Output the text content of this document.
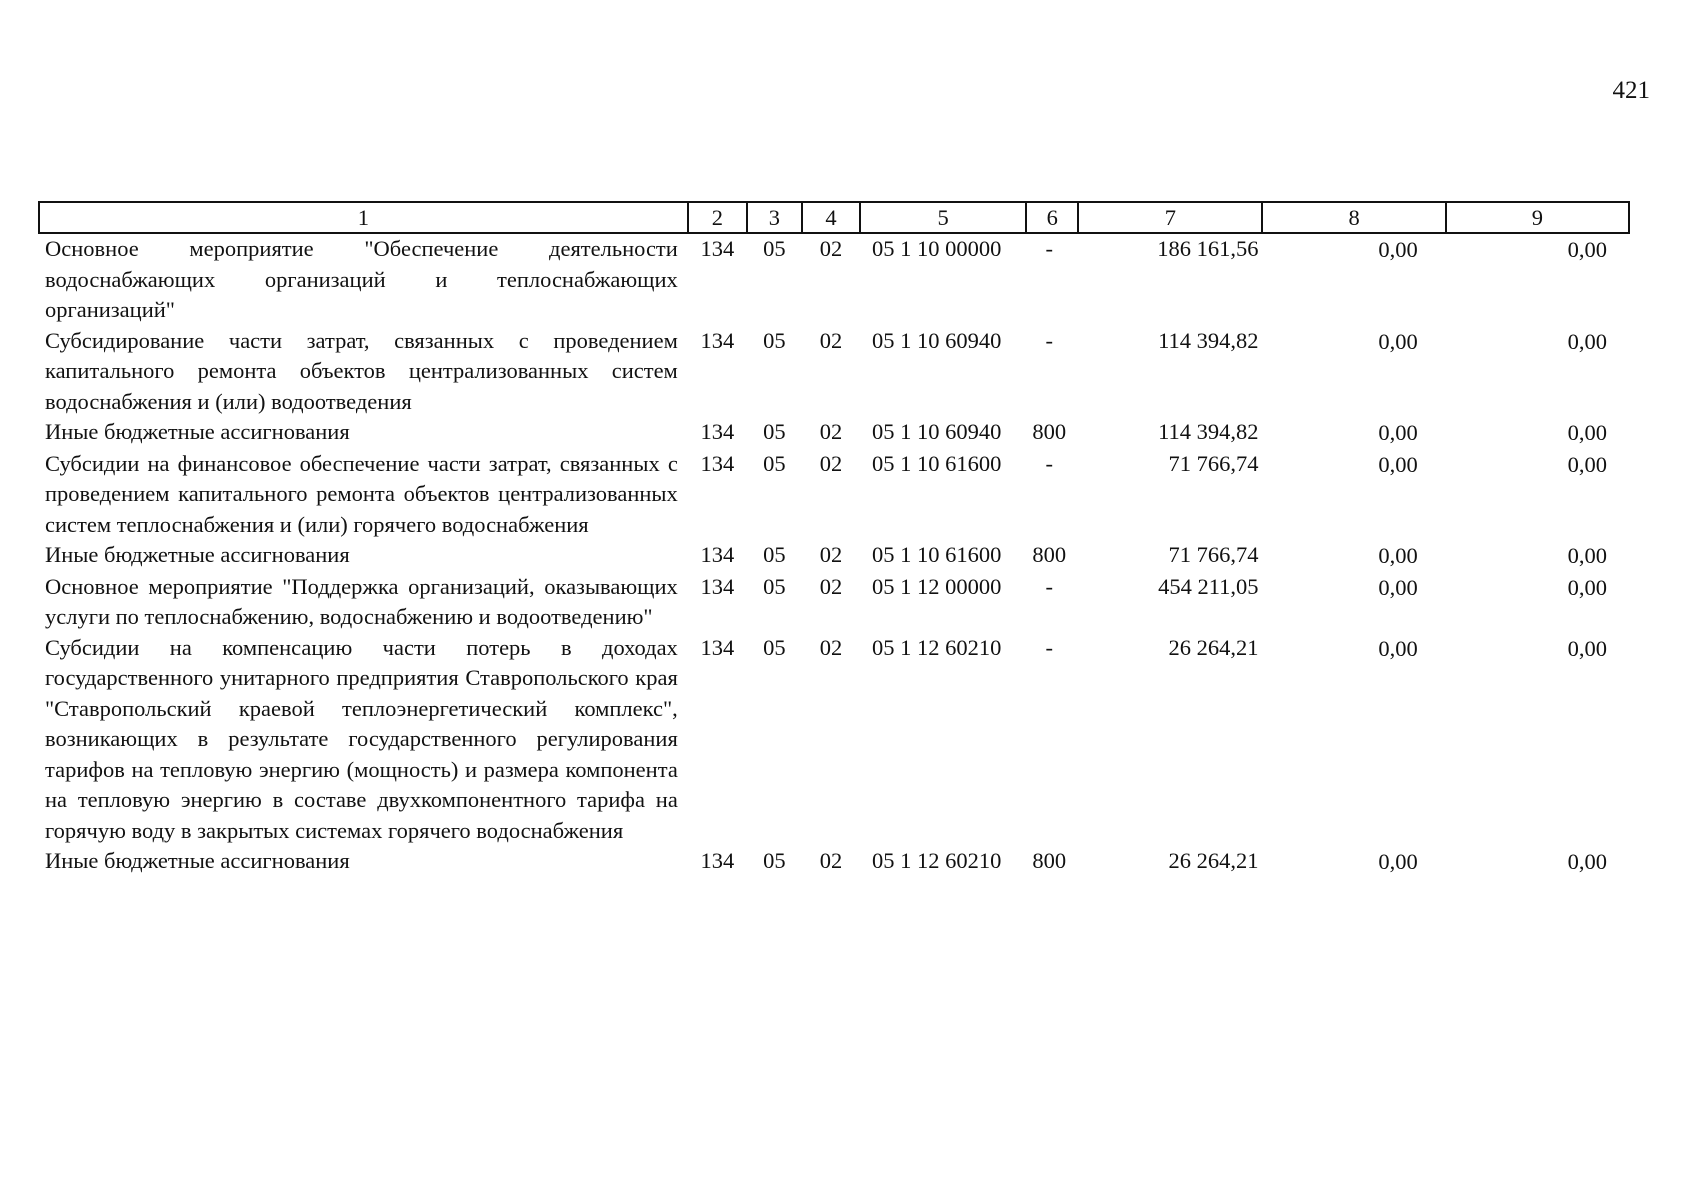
421
1	2	3	4	5	6	7	8	9
Основное мероприятие "Обеспечение деятельности водоснабжающих организаций и теплоснабжающих организаций"	134	05	02	05 1 10 00000	-	186 161,56	0,00	0,00
Субсидирование части затрат, связанных с проведением капитального ремонта объектов централизованных систем водоснабжения и (или) водоотведения	134	05	02	05 1 10 60940	-	114 394,82	0,00	0,00
Иные бюджетные ассигнования	134	05	02	05 1 10 60940	800	114 394,82	0,00	0,00
Субсидии на финансовое обеспечение части затрат, связанных с проведением капитального ремонта объектов централизованных систем теплоснабжения и (или) горячего водоснабжения	134	05	02	05 1 10 61600	-	71 766,74	0,00	0,00
Иные бюджетные ассигнования	134	05	02	05 1 10 61600	800	71 766,74	0,00	0,00
Основное мероприятие "Поддержка организаций, оказывающих услуги по теплоснабжению, водоснабжению и водоотведению"	134	05	02	05 1 12 00000	-	454 211,05	0,00	0,00
Субсидии на компенсацию части потерь в доходах государственного унитарного предприятия Ставропольского края "Ставропольский краевой теплоэнергетический комплекс", возникающих в результате государственного регулирования тарифов на тепловую энергию (мощность) и размера компонента на тепловую энергию в составе двухкомпонентного тарифа на горячую воду в закрытых системах горячего водоснабжения	134	05	02	05 1 12 60210	-	26 264,21	0,00	0,00
Иные бюджетные ассигнования	134	05	02	05 1 12 60210	800	26 264,21	0,00	0,00
